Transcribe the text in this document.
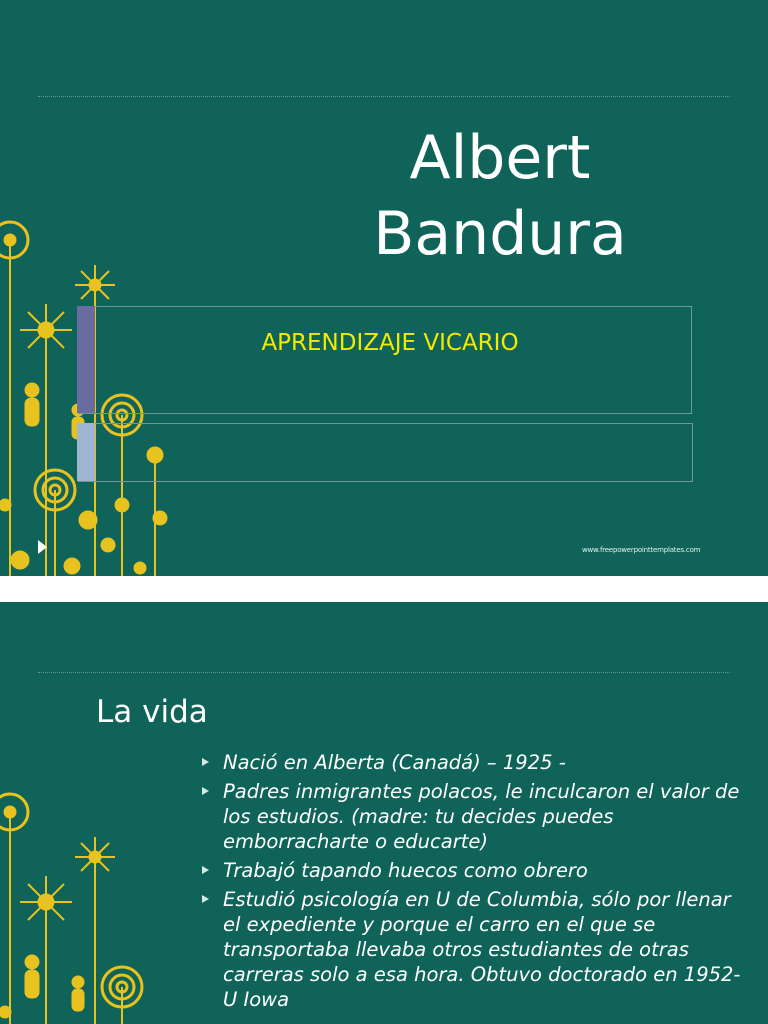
Albert
Bandura
APRENDIZAJE VICARIO
www.freepowerpointtemplates.com
La vida
Nació en Alberta (Canadá) – 1925 -
Padres inmigrantes polacos, le inculcaron el valor de los estudios. (madre: tu decides puedes emborracharte o educarte)
Trabajó tapando huecos como obrero
Estudió psicología en U de Columbia, sólo por llenar el expediente y porque el carro en el que se transportaba llevaba otros estudiantes de otras carreras solo a esa hora. Obtuvo doctorado en 1952- U Iowa
